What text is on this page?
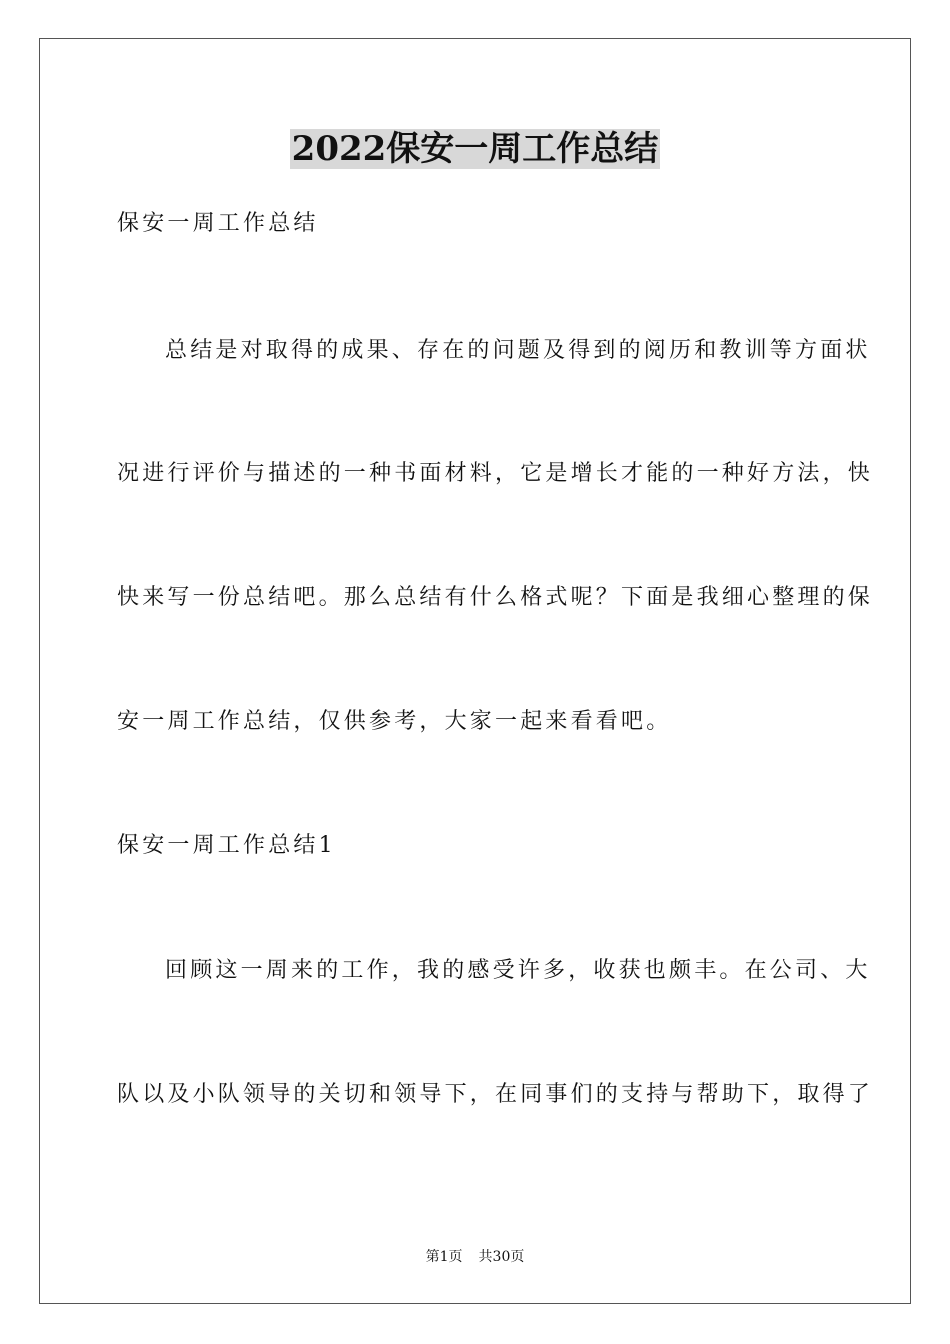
2022保安一周工作总结

保安一周工作总结

总结是对取得的成果、存在的问题及得到的阅历和教训等方面状

况进行评价与描述的一种书面材料，它是增长才能的一种好方法，快

快来写一份总结吧。那么总结有什么格式呢？下面是我细心整理的保

安一周工作总结，仅供参考，大家一起来看看吧。

保安一周工作总结1

回顾这一周来的工作，我的感受许多，收获也颇丰。在公司、大

队以及小队领导的关切和领导下，在同事们的支持与帮助下，取得了

第1页 共30页
